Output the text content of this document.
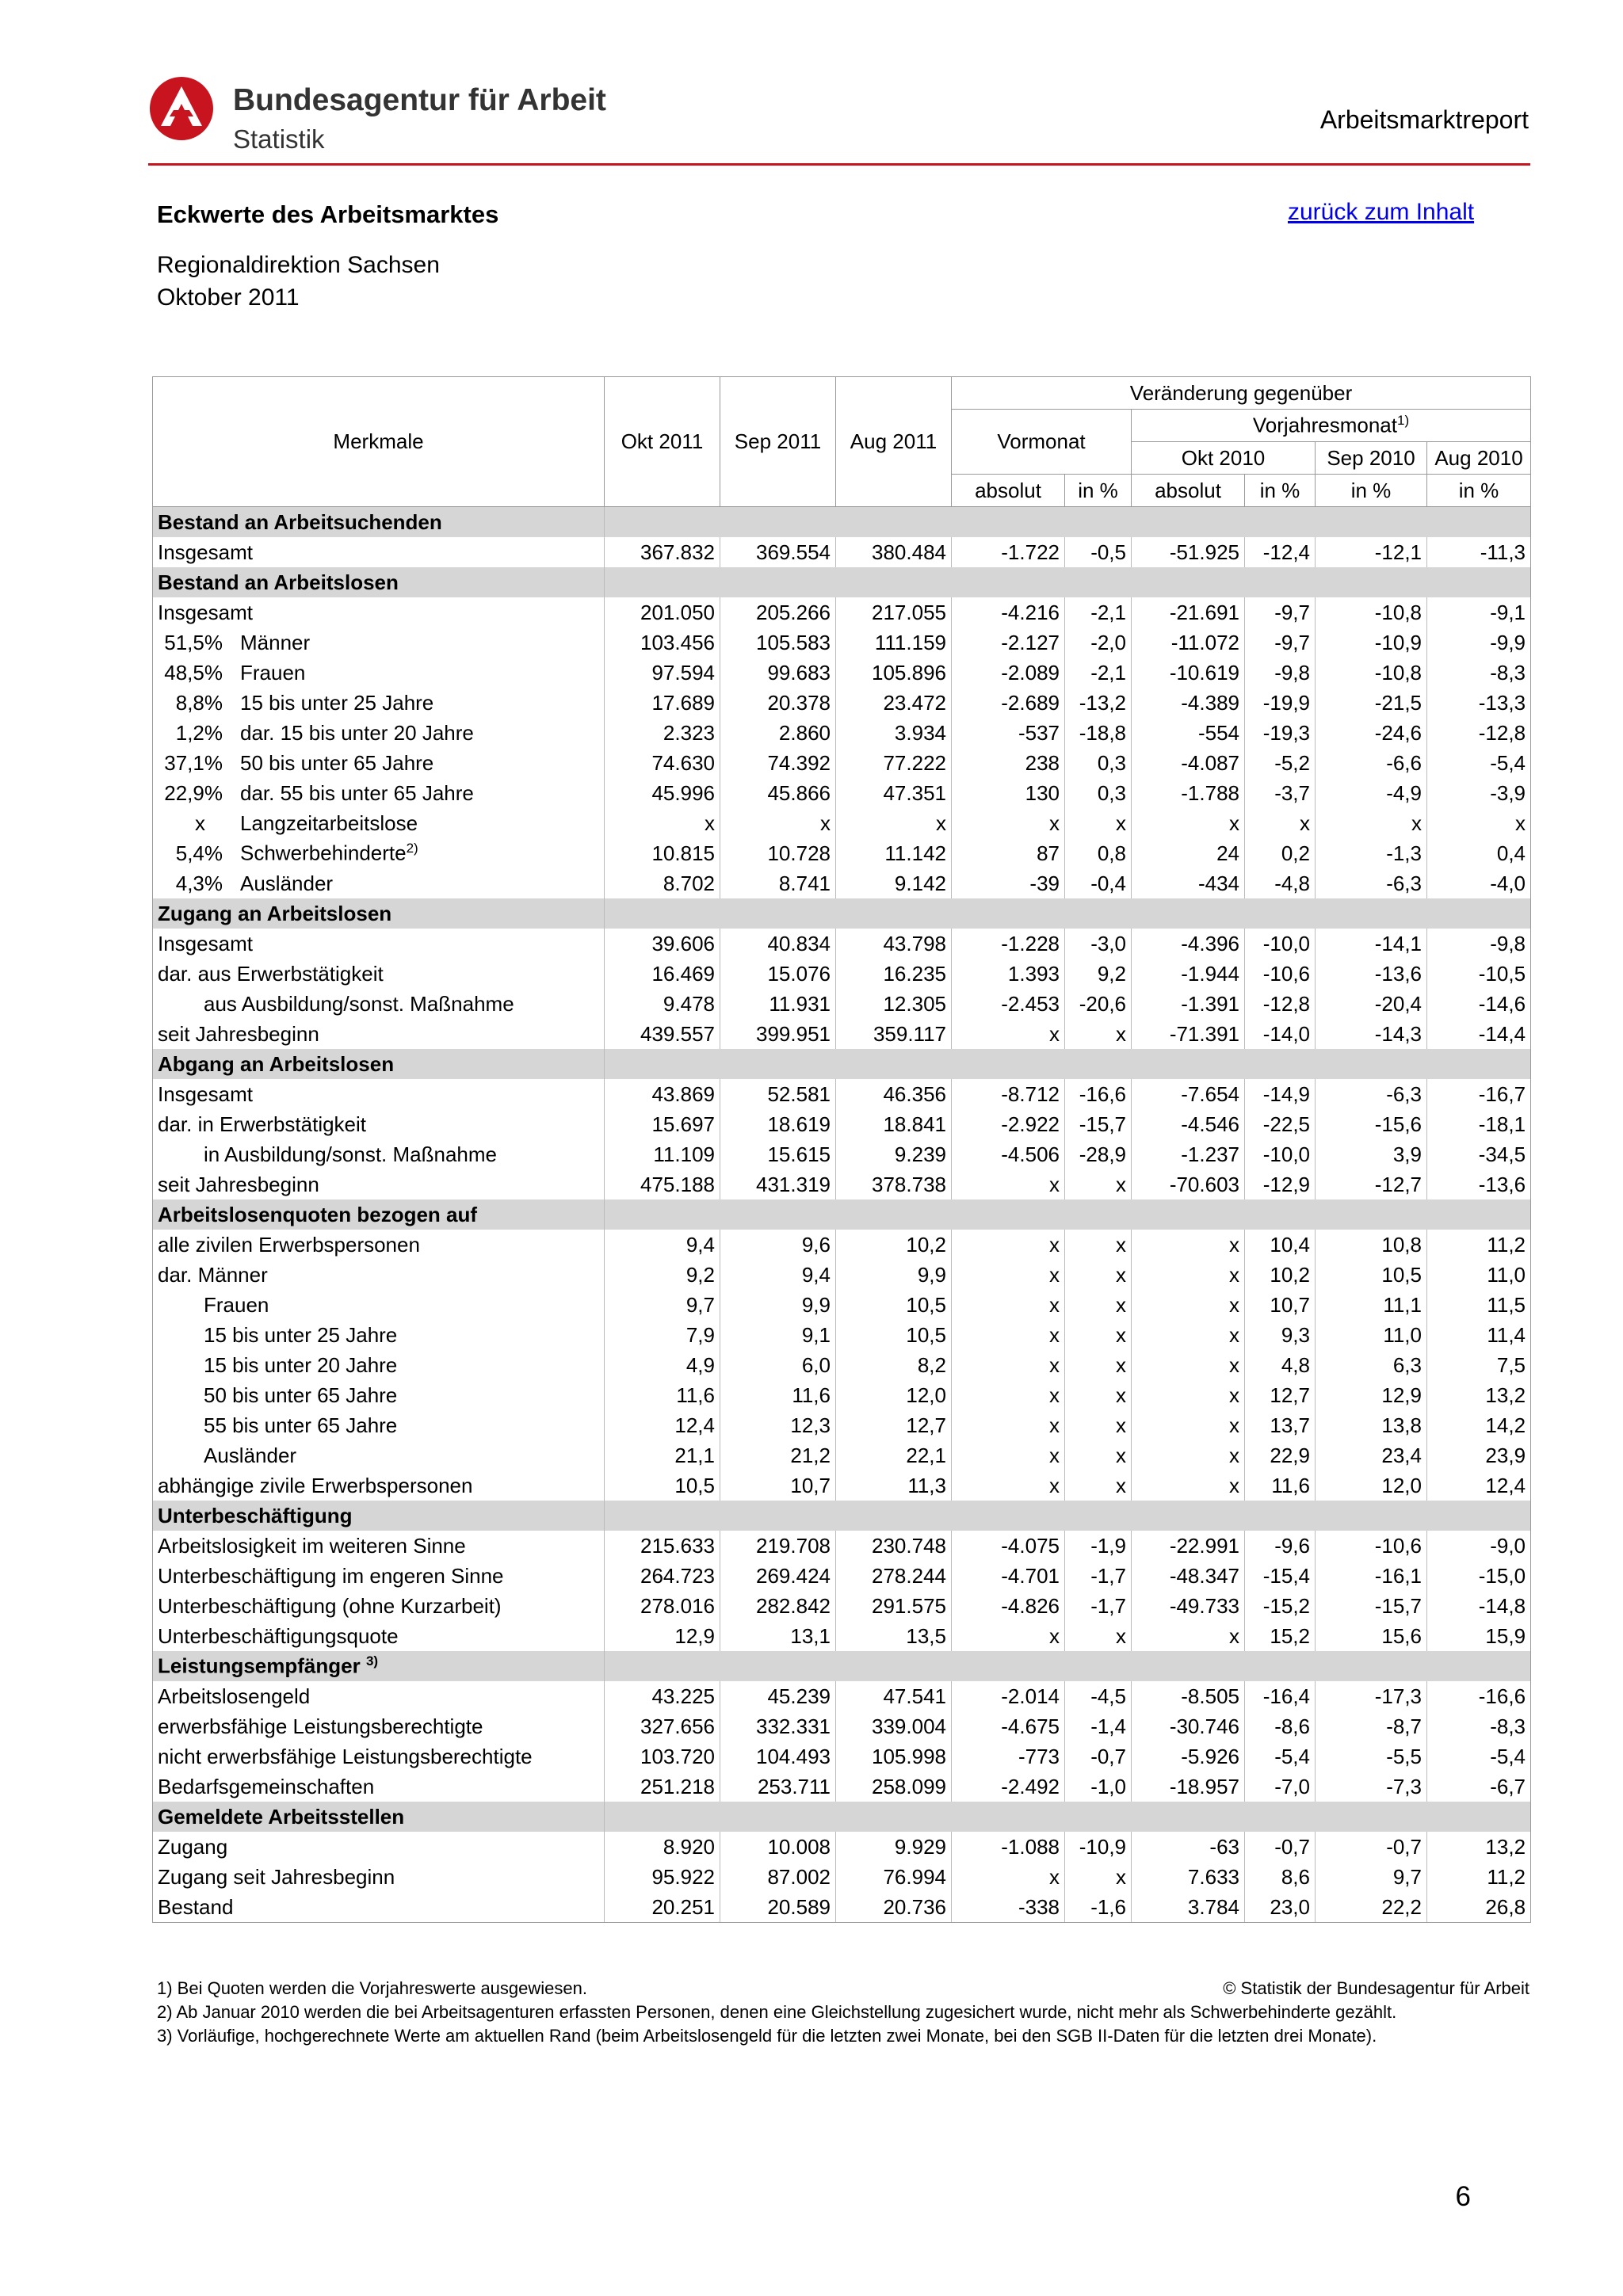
Bundesagentur für Arbeit
Statistik
Arbeitsmarktreport
Eckwerte des Arbeitsmarktes	zurück zum Inhalt
Regionaldirektion Sachsen
Oktober 2011
Merkmale	Okt 2011	Sep 2011	Aug 2011	Veränderung gegenüber					
				Vormonat		Vorjahresmonat$^{1)}$
						Okt 2010		Sep 2010	Aug 2010
				absolut	in %	absolut	in %	in %	in %
Bestand an Arbeitsuchenden									
Insgesamt	367.832	369.554	380.484	-1.722	-0,5	-51.925	-12,4	-12,1	-11,3
Bestand an Arbeitslosen									
Insgesamt	201.050	205.266	217.055	-4.216	-2,1	-21.691	-9,7	-10,8	-9,1
51,5% Männer	103.456	105.583	111.159	-2.127	-2,0	-11.072	-9,7	-10,9	-9,9
48,5% Frauen	97.594	99.683	105.896	-2.089	-2,1	-10.619	-9,8	-10,8	-8,3
8,8% 15 bis unter 25 Jahre	17.689	20.378	23.472	-2.689	-13,2	-4.389	-19,9	-21,5	-13,3
1,2% dar. 15 bis unter 20 Jahre	2.323	2.860	3.934	-537	-18,8	-554	-19,3	-24,6	-12,8
37,1% 50 bis unter 65 Jahre	74.630	74.392	77.222	238	0,3	-4.087	-5,2	-6,6	-5,4
22,9% dar. 55 bis unter 65 Jahre	45.996	45.866	47.351	130	0,3	-1.788	-3,7	-4,9	-3,9
x Langzeitarbeitslose	x	x	x	x	x	x	x	x	x
5,4% Schwerbehinderte$^{2)}$	10.815	10.728	11.142	87	0,8	24	0,2	-1,3	0,4
4,3% Ausländer	8.702	8.741	9.142	-39	-0,4	-434	-4,8	-6,3	-4,0
Zugang an Arbeitslosen									
Insgesamt	39.606	40.834	43.798	-1.228	-3,0	-4.396	-10,0	-14,1	-9,8
dar. aus Erwerbstätigkeit	16.469	15.076	16.235	1.393	9,2	-1.944	-10,6	-13,6	-10,5
aus Ausbildung/sonst. Maßnahme	9.478	11.931	12.305	-2.453	-20,6	-1.391	-12,8	-20,4	-14,6
seit Jahresbeginn	439.557	399.951	359.117	x	x	-71.391	-14,0	-14,3	-14,4
Abgang an Arbeitslosen									
Insgesamt	43.869	52.581	46.356	-8.712	-16,6	-7.654	-14,9	-6,3	-16,7
dar. in Erwerbstätigkeit	15.697	18.619	18.841	-2.922	-15,7	-4.546	-22,5	-15,6	-18,1
in Ausbildung/sonst. Maßnahme	11.109	15.615	9.239	-4.506	-28,9	-1.237	-10,0	3,9	-34,5
seit Jahresbeginn	475.188	431.319	378.738	x	x	-70.603	-12,9	-12,7	-13,6
Arbeitslosenquoten bezogen auf									
alle zivilen Erwerbspersonen	9,4	9,6	10,2	x	x	x	10,4	10,8	11,2
dar. Männer	9,2	9,4	9,9	x	x	x	10,2	10,5	11,0
Frauen	9,7	9,9	10,5	x	x	x	10,7	11,1	11,5
15 bis unter 25 Jahre	7,9	9,1	10,5	x	x	x	9,3	11,0	11,4
15 bis unter 20 Jahre	4,9	6,0	8,2	x	x	x	4,8	6,3	7,5
50 bis unter 65 Jahre	11,6	11,6	12,0	x	x	x	12,7	12,9	13,2
55 bis unter 65 Jahre	12,4	12,3	12,7	x	x	x	13,7	13,8	14,2
Ausländer	21,1	21,2	22,1	x	x	x	22,9	23,4	23,9
abhängige zivile Erwerbspersonen	10,5	10,7	11,3	x	x	x	11,6	12,0	12,4
Unterbeschäftigung									
Arbeitslosigkeit im weiteren Sinne	215.633	219.708	230.748	-4.075	-1,9	-22.991	-9,6	-10,6	-9,0
Unterbeschäftigung im engeren Sinne	264.723	269.424	278.244	-4.701	-1,7	-48.347	-15,4	-16,1	-15,0
Unterbeschäftigung (ohne Kurzarbeit)	278.016	282.842	291.575	-4.826	-1,7	-49.733	-15,2	-15,7	-14,8
Unterbeschäftigungsquote	12,9	13,1	13,5	x	x	x	15,2	15,6	15,9
Leistungsempfänger $^{3)}$	
Arbeitslosengeld	43.225	45.239	47.541	-2.014	-4,5	-8.505	-16,4	-17,3	-16,6
erwerbsfähige Leistungsberechtigte	327.656	332.331	339.004	-4.675	-1,4	-30.746	-8,6	-8,7	-8,3
nicht erwerbsfähige Leistungsberechtigte	103.720	104.493	105.998	-773	-0,7	-5.926	-5,4	-5,5	-5,4
Bedarfsgemeinschaften	251.218	253.711	258.099	-2.492	-1,0	-18.957	-7,0	-7,3	-6,7
Gemeldete Arbeitsstellen									
Zugang	8.920	10.008	9.929	-1.088	-10,9	-63	-0,7	-0,7	13,2
Zugang seit Jahresbeginn	95.922	87.002	76.994	x	x	7.633	8,6	9,7	11,2
Bestand	20.251	20.589	20.736	-338	-1,6	3.784	23,0	22,2	26,8
1) Bei Quoten werden die Vorjahreswerte ausgewiesen.	© Statistik der Bundesagentur für Arbeit
2) Ab Januar 2010 werden die bei Arbeitsagenturen erfassten Personen, denen eine Gleichstellung zugesichert wurde, nicht mehr als Schwerbehinderte gezählt.
3) Vorläufige, hochgerechnete Werte am aktuellen Rand (beim Arbeitslosengeld für die letzten zwei Monate, bei den SGB II-Daten für die letzten drei Monate).
6
